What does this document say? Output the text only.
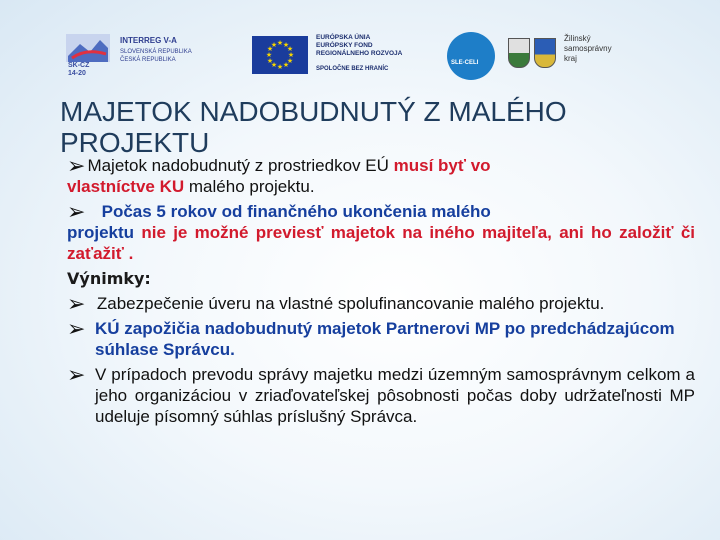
SK-CZ
14-20
INTERREG V-A
SLOVENSKÁ REPUBLIKA
ČESKÁ REPUBLIKA
★ ★
★
★
★
★
★
★
★
★
★
★
EURÓPSKA ÚNIA
EURÓPSKY FOND
REGIONÁLNEHO ROZVOJA
SPOLOČNE BEZ HRANÍC
SLE-CELI
Žilinský
samosprávny
kraj
MAJETOK NADOBUDNUTÝ Z MALÉHO PROJEKTU
➢ Majetok nadobudnutý z prostriedkov EÚ musí byť vo
vlastníctve KU malého projektu.
➢ Počas 5 rokov od finančného ukončenia malého
projektu nie je možné previesť majetok na iného majiteľa, ani ho založiť či zaťažiť .
Výnimky:
➢ Zabezpečenie úveru na vlastné spolufinancovanie malého projektu.
➢ KÚ zapožičia nadobudnutý majetok Partnerovi MP po predchádzajúcom súhlase Správcu.
➢ V prípadoch prevodu správy majetku medzi územným samosprávnym celkom a jeho organizáciou v zriaďovateľskej pôsobnosti počas doby udržateľnosti MP udeluje písomný súhlas príslušný Správca.
